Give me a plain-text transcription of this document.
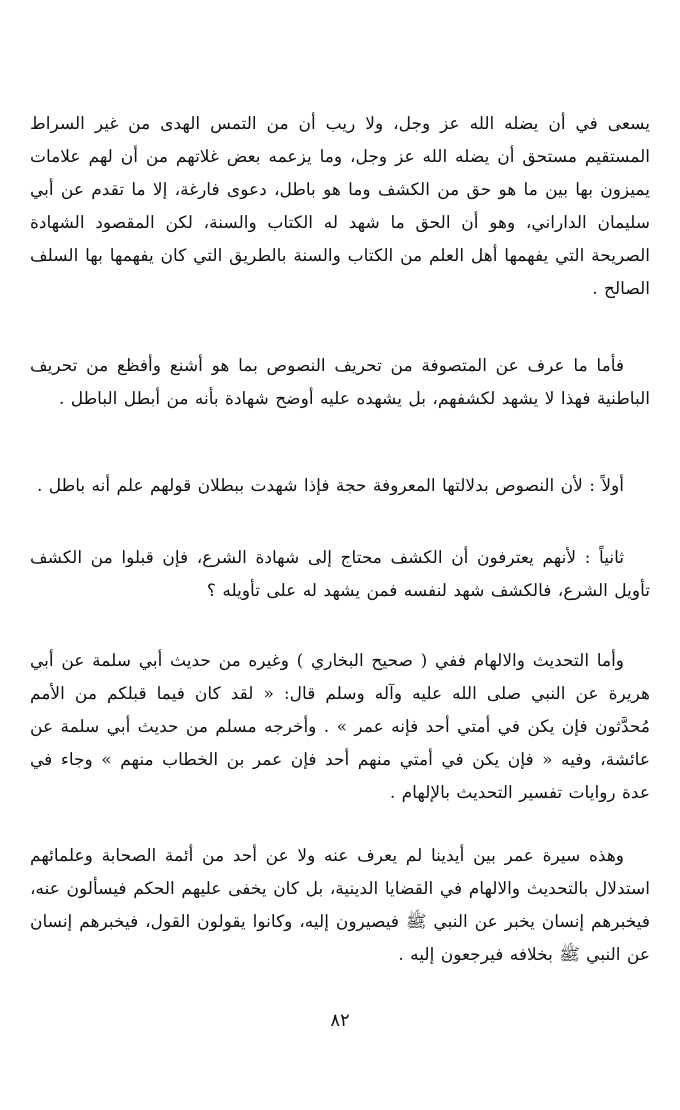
يسعى في أن يضله الله عز وجل، ولا ريب أن من التمس الهدى من غير السراط المستقيم مستحق أن يضله الله عز وجل، وما يزعمه بعض غلاتهم من أن لهم علامات يميزون بها بين ما هو حق من الكشف وما هو باطل، دعوى فارغة، إلا ما تقدم عن أبي سليمان الداراني، وهو أن الحق ما شهد له الكتاب والسنة، لكن المقصود الشهادة الصريحة التي يفهمها أهل العلم من الكتاب والسنة بالطريق التي كان يفهمها بها السلف الصالح .

فأما ما عرف عن المتصوفة من تحريف النصوص بما هو أشنع وأفظع من تحريف الباطنية فهذا لا يشهد لكشفهم، بل يشهده عليه أوضح شهادة بأنه من أبطل الباطل .

أولاً : لأن النصوص بدلالتها المعروفة حجة فإذا شهدت ببطلان قولهم علم أنه باطل .

ثانياً : لأنهم يعترفون أن الكشف محتاج إلى شهادة الشرع، فإن قبلوا من الكشف تأويل الشرع، فالكشف شهد لنفسه فمن يشهد له على تأويله ؟

وأما التحديث والالهام ففي ( صحيح البخاري ) وغيره من حديث أبي سلمة عن أبي هريرة عن النبي صلى الله عليه وآله وسلم قال: « لقد كان فيما قبلكم من الأمم مُحدَّثون فإن يكن في أمتي أحد فإنه عمر » . وأخرجه مسلم من حديث أبي سلمة عن عائشة، وفيه « فإن يكن في أمتي منهم أحد فإن عمر بن الخطاب منهم » وجاء في عدة روايات تفسير التحديث بالإلهام .

وهذه سيرة عمر بين أيدينا لم يعرف عنه ولا عن أحد من أئمة الصحابة وعلمائهم استدلال بالتحديث والالهام في القضايا الدينية، بل كان يخفى عليهم الحكم فيسألون عنه، فيخبرهم إنسان يخبر عن النبي ﷺ فيصيرون إليه، وكانوا يقولون القول، فيخبرهم إنسان عن النبي ﷺ بخلافه فيرجعون إليه .

٨٢
